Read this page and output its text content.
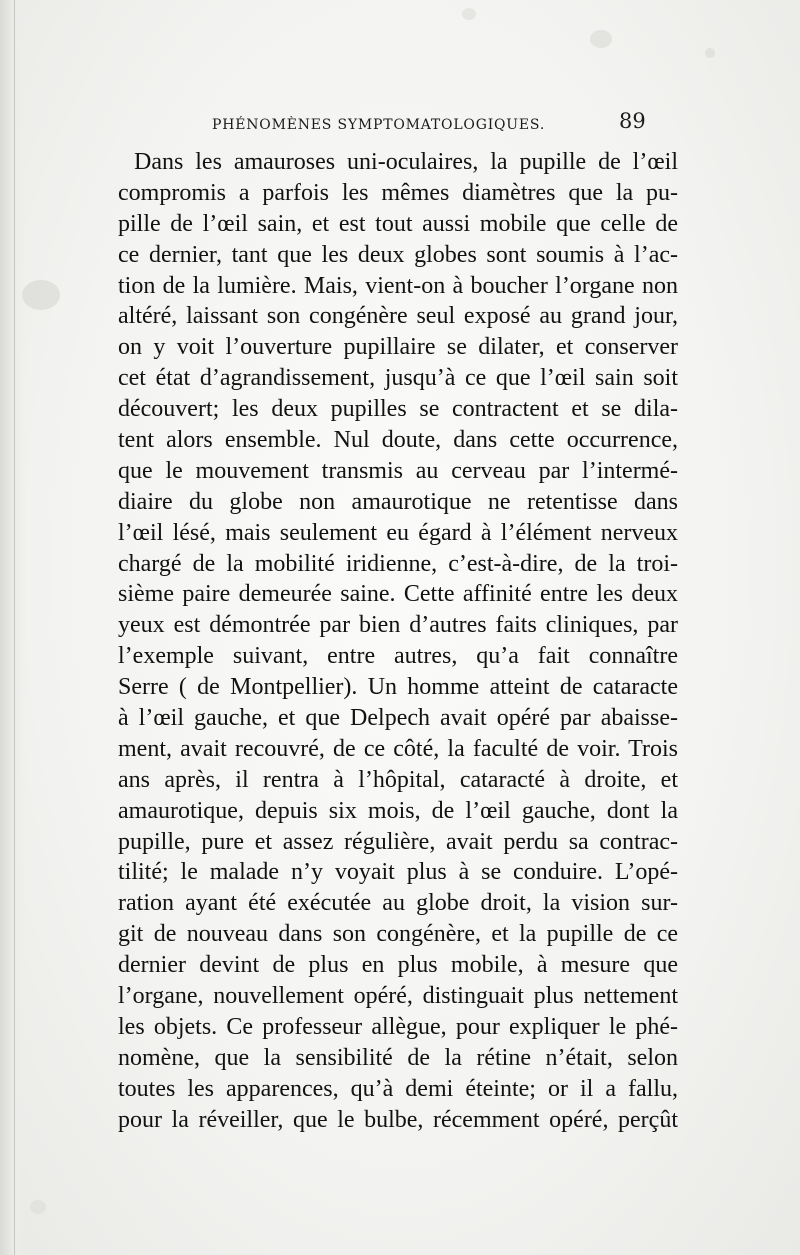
PHÉNOMÈNES SYMPTOMATOLOGIQUES.	89
Dans les amauroses uni-oculaires, la pupille de l’œil
compromis a parfois les mêmes diamètres que la pu-
pille de l’œil sain, et est tout aussi mobile que celle de
ce dernier, tant que les deux globes sont soumis à l’ac-
tion de la lumière. Mais, vient-on à boucher l’organe non
altéré, laissant son congénère seul exposé au grand jour,
on y voit l’ouverture pupillaire se dilater, et conserver
cet état d’agrandissement, jusqu’à ce que l’œil sain soit
découvert; les deux pupilles se contractent et se dila-
tent alors ensemble. Nul doute, dans cette occurrence,
que le mouvement transmis au cerveau par l’intermé-
diaire du globe non amaurotique ne retentisse dans
l’œil lésé, mais seulement eu égard à l’élément nerveux
chargé de la mobilité iridienne, c’est-à-dire, de la troi-
sième paire demeurée saine. Cette affinité entre les deux
yeux est démontrée par bien d’autres faits cliniques, par
l’exemple suivant, entre autres, qu’a fait connaître
Serre ( de Montpellier). Un homme atteint de cataracte
à l’œil gauche, et que Delpech avait opéré par abaisse-
ment, avait recouvré, de ce côté, la faculté de voir. Trois
ans après, il rentra à l’hôpital, cataracté à droite, et
amaurotique, depuis six mois, de l’œil gauche, dont la
pupille, pure et assez régulière, avait perdu sa contrac-
tilité; le malade n’y voyait plus à se conduire. L’opé-
ration ayant été exécutée au globe droit, la vision sur-
git de nouveau dans son congénère, et la pupille de ce
dernier devint de plus en plus mobile, à mesure que
l’organe, nouvellement opéré, distinguait plus nettement
les objets. Ce professeur allègue, pour expliquer le phé-
nomène, que la sensibilité de la rétine n’était, selon
toutes les apparences, qu’à demi éteinte; or il a fallu,
pour la réveiller, que le bulbe, récemment opéré, perçût
